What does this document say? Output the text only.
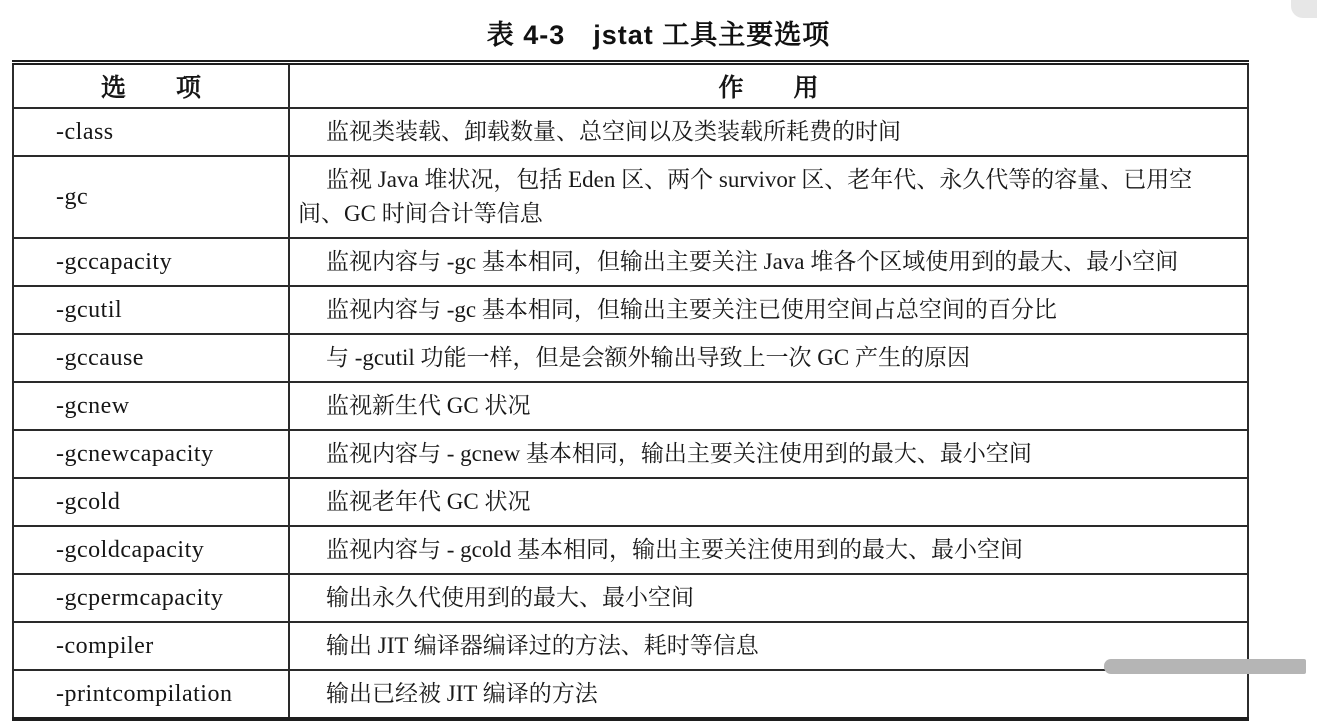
表 4-3　jstat 工具主要选项
选　　项	作　　用
-class	监视类装载、卸载数量、总空间以及类装载所耗费的时间

-gc	监视 Java 堆状况，包括 Eden 区、两个 survivor 区、老年代、永久代等的容量、已用空间、GC 时间合计等信息

-gccapacity	监视内容与 -gc 基本相同，但输出主要关注 Java 堆各个区域使用到的最大、最小空间

-gcutil	监视内容与 -gc 基本相同，但输出主要关注已使用空间占总空间的百分比

-gccause	与 -gcutil 功能一样，但是会额外输出导致上一次 GC 产生的原因

-gcnew	监视新生代 GC 状况

-gcnewcapacity	监视内容与 - gcnew 基本相同，输出主要关注使用到的最大、最小空间

-gcold	监视老年代 GC 状况

-gcoldcapacity	监视内容与 - gcold 基本相同，输出主要关注使用到的最大、最小空间

-gcpermcapacity	输出永久代使用到的最大、最小空间

-compiler	输出 JIT 编译器编译过的方法、耗时等信息

-printcompilation	输出已经被 JIT 编译的方法
